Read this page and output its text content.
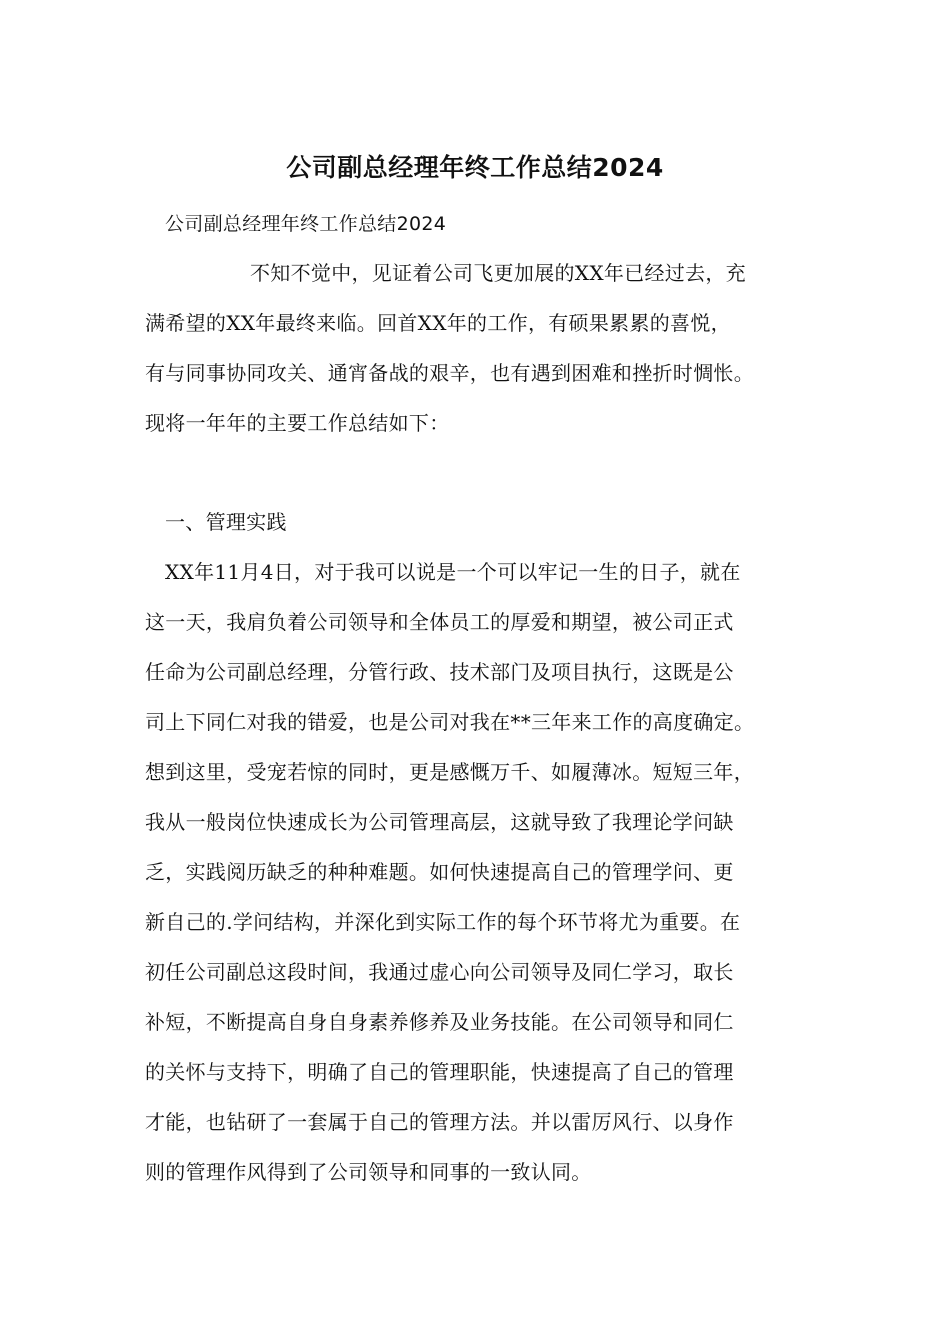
公司副总经理年终工作总结2024
公司副总经理年终工作总结2024
不知不觉中，见证着公司飞更加展的XX年已经过去，充
满希望的XX年最终来临。回首XX年的工作，有硕果累累的喜悦，
有与同事协同攻关、通宵备战的艰辛，也有遇到困难和挫折时惆怅。
现将一年年的主要工作总结如下：
一、管理实践
XX年11月4日，对于我可以说是一个可以牢记一生的日子，就在
这一天，我肩负着公司领导和全体员工的厚爱和期望，被公司正式
任命为公司副总经理，分管行政、技术部门及项目执行，这既是公
司上下同仁对我的错爱，也是公司对我在**三年来工作的高度确定。
想到这里，受宠若惊的同时，更是感慨万千、如履薄冰。短短三年，
我从一般岗位快速成长为公司管理高层，这就导致了我理论学问缺
乏，实践阅历缺乏的种种难题。如何快速提高自己的管理学问、更
新自己的.学问结构，并深化到实际工作的每个环节将尤为重要。在
初任公司副总这段时间，我通过虚心向公司领导及同仁学习，取长
补短，不断提高自身自身素养修养及业务技能。在公司领导和同仁
的关怀与支持下，明确了自己的管理职能，快速提高了自己的管理
才能，也钻研了一套属于自己的管理方法。并以雷厉风行、以身作
则的管理作风得到了公司领导和同事的一致认同。
